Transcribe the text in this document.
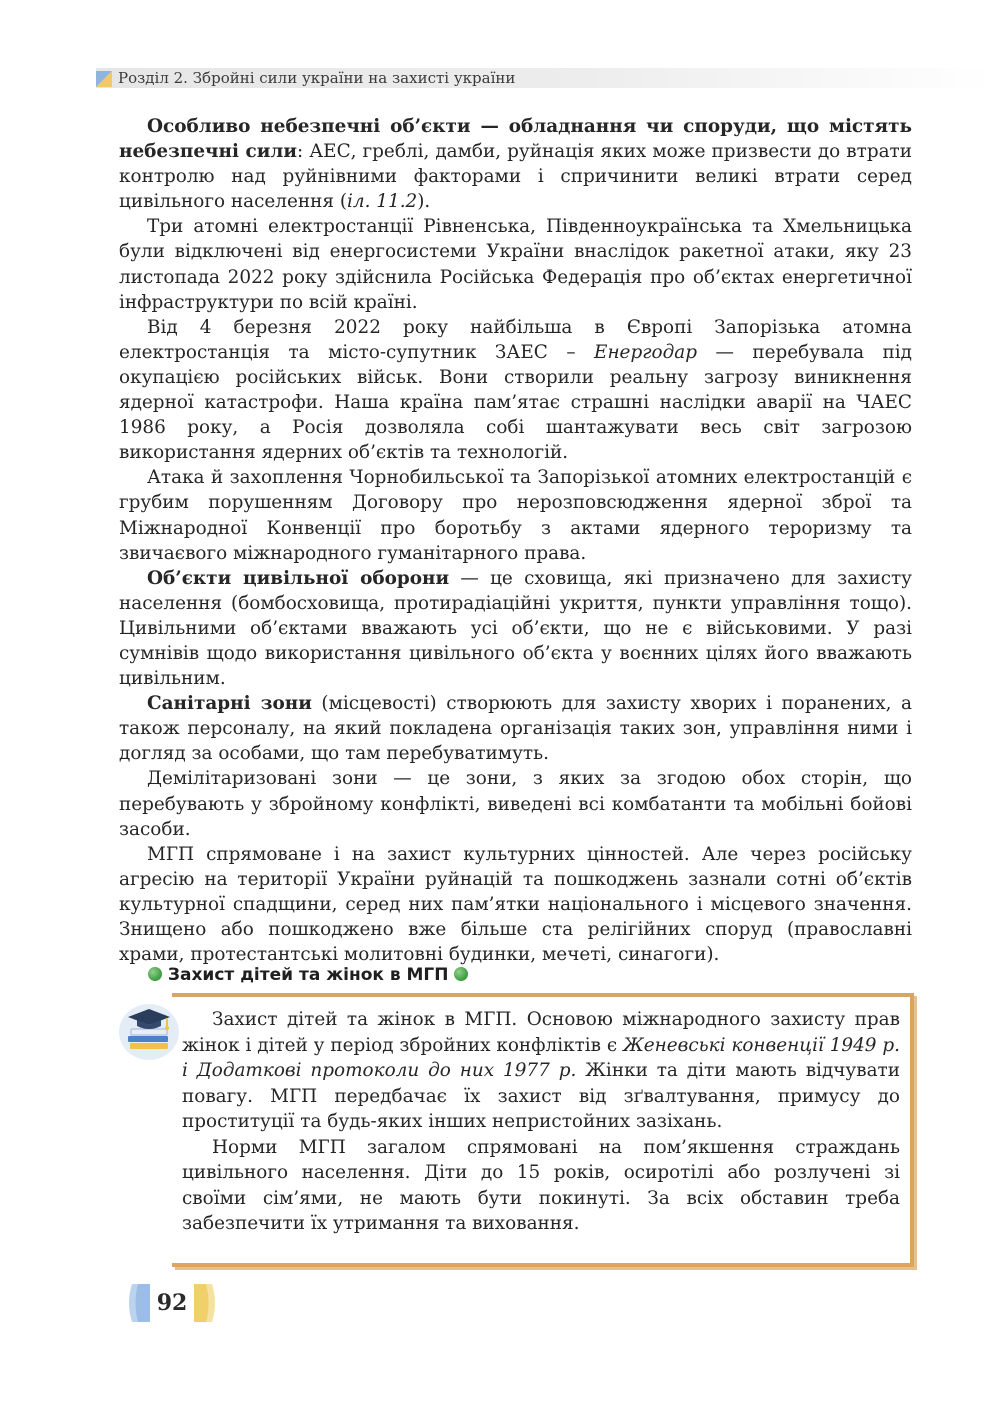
Розділ 2. Збройні сили україни на захисті україни

Особливо небезпечні об’єкти — обладнання чи споруди, що містять небезпечні сили: АЕС, греблі, дамби, руйнація яких може призвести до втрати контролю над руйнівними факторами і спричинити великі втрати серед цивільного населення (іл. 11.2).

Три атомні електростанції Рівненська, Південноукраїнська та Хмельницька були відключені від енергосистеми України внаслідок ракетної атаки, яку 23 листопада 2022 року здійснила Російська Федерація про об’єктах енергетичної інфраструктури по всій країні.

Від 4 березня 2022 року найбільша в Європі Запорізька атомна електростанція та місто-супутник ЗАЕС – Енергодар — перебувала під окупацією російських військ. Вони створили реальну загрозу виникнення ядерної катастрофи. Наша країна пам’ятає страшні наслідки аварії на ЧАЕС 1986 року, а Росія дозволяла собі шантажувати весь світ загрозою використання ядерних об’єктів та технологій.

Атака й захоплення Чорнобильської та Запорізької атомних електростанцій є грубим порушенням Договору про нерозповсюдження ядерної зброї та Міжнародної Конвенції про боротьбу з актами ядерного тероризму та звичаєвого міжнародного гуманітарного права.

Об’єкти цивільної оборони — це сховища, які призначено для захисту населення (бомбосховища, протирадіаційні укриття, пункти управління тощо). Цивільними об’єктами вважають усі об’єкти, що не є військовими. У разі сумнівів щодо використання цивільного об’єкта у воєнних цілях його вважають цивільним.

Санітарні зони (місцевості) створюють для захисту хворих і поранених, а також персоналу, на який покладена організація таких зон, управління ними і догляд за особами, що там перебуватимуть.

Демілітаризовані зони — це зони, з яких за згодою обох сторін, що перебувають у збройному конфлікті, виведені всі комбатанти та мобільні бойові засоби.

МГП спрямоване і на захист культурних цінностей. Але через російську агресію на території України руйнацій та пошкоджень зазнали сотні об’єктів культурної спадщини, серед них пам’ятки національного і місцевого значення. Знищено або пошкоджено вже більше ста релігійних споруд (православні храми, протестантські молитовні будинки, мечеті, синагоги).

Захист дітей та жінок в МГП

Захист дітей та жінок в МГП. Основою міжнародного захисту прав жінок і дітей у період збройних конфліктів є Женевські конвенції 1949 р. і Додаткові протоколи до них 1977 р. Жінки та діти мають відчувати повагу. МГП передбачає їх захист від зґвалтування, примусу до проституції та будь-яких інших непристойних зазіхань.

Норми МГП загалом спрямовані на пом’якшення страждань цивільного населення. Діти до 15 років, осиротілі або розлучені зі своїми сім’ями, не мають бути покинуті. За всіх обставин треба забезпечити їх утримання та виховання.

92
